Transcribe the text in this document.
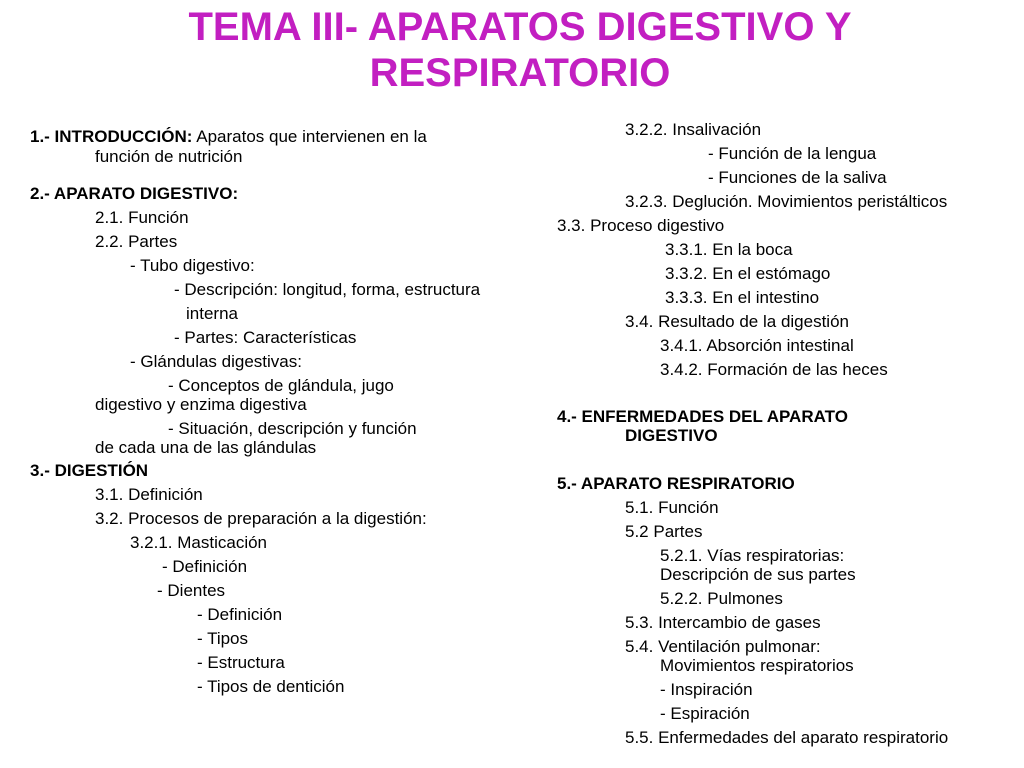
TEMA III- APARATOS DIGESTIVO Y
RESPIRATORIO
1.- INTRODUCCIÓN: Aparatos que intervienen en la
función de nutrición
2.- APARATO DIGESTIVO:
2.1. Función
2.2. Partes
- Tubo digestivo:
- Descripción: longitud, forma, estructura
interna
- Partes: Características
- Glándulas digestivas:
- Conceptos de glándula, jugo
digestivo y enzima digestiva
- Situación, descripción y función
de cada una de las glándulas
3.- DIGESTIÓN
3.1. Definición
3.2. Procesos de preparación a la digestión:
3.2.1. Masticación
- Definición
- Dientes
- Definición
- Tipos
- Estructura
- Tipos de dentición
3.2.2. Insalivación
- Función de la lengua
- Funciones de la saliva
3.2.3. Deglución. Movimientos peristálticos
3.3. Proceso digestivo
3.3.1. En la boca
3.3.2. En el estómago
3.3.3. En el intestino
3.4. Resultado de la digestión
3.4.1. Absorción intestinal
3.4.2. Formación de las heces
4.- ENFERMEDADES DEL APARATO
DIGESTIVO
5.- APARATO RESPIRATORIO
5.1. Función
5.2 Partes
5.2.1. Vías respiratorias:
Descripción de sus partes
5.2.2. Pulmones
5.3. Intercambio de gases
5.4. Ventilación pulmonar:
Movimientos respiratorios
- Inspiración
- Espiración
5.5. Enfermedades del aparato respiratorio
